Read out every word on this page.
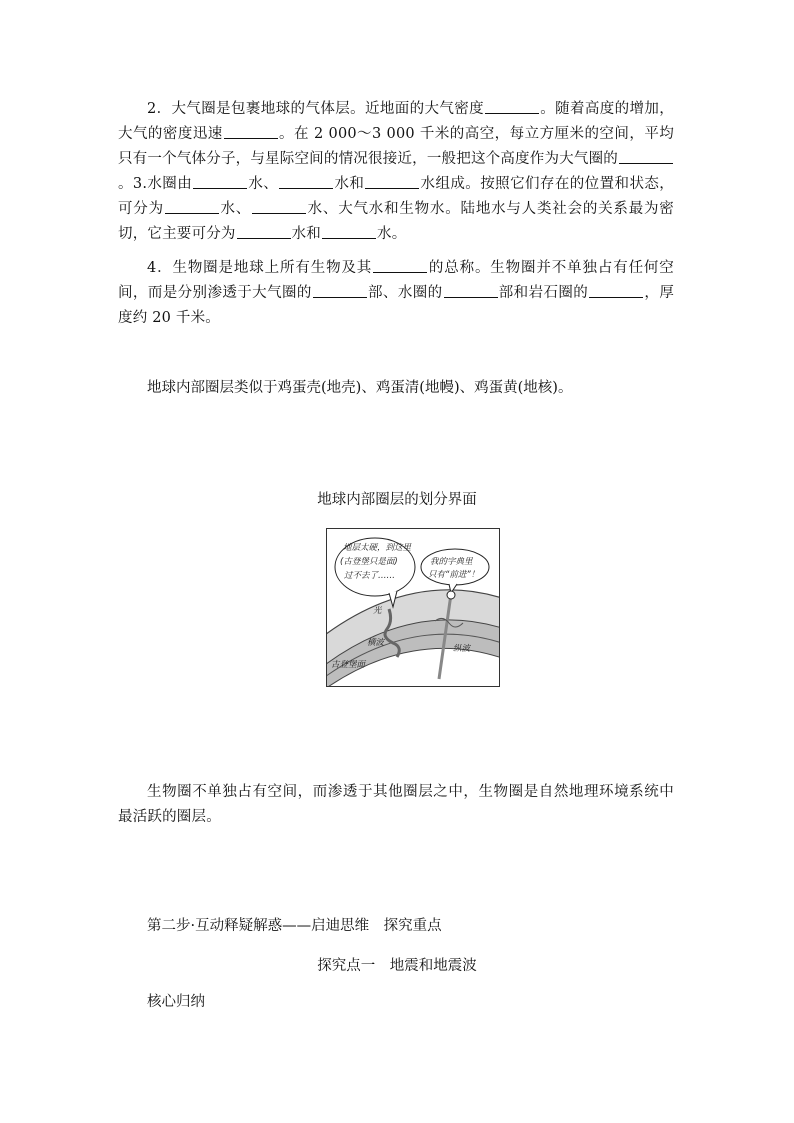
2．大气圈是包裹地球的气体层。近地面的大气密度	。随着高度的增加，大气的密度迅速	。在 2 000～3 000 千米的高空，每立方厘米的空间，平均只有一个气体分子，与星际空间的情况很接近，一般把这个高度作为大气圈的。3.水圈由	水、	水和	水组成。按照它们存在的位置和状态，可分为	水、	水、大气水和生物水。陆地水与人类社会的关系最为密切，它主要可分为	水和	水。

4．生物圈是地球上所有生物及其	的总称。生物圈并不单独占有任何空间，而是分别渗透于大气圈的	部、水圈的	部和岩石圈的	，厚度约 20 千米。

地球内部圈层类似于鸡蛋壳(地壳)、鸡蛋清(地幔)、鸡蛋黄(地核)。

地球内部圈层的划分界面

地层太硬，到这里
(古登堡只是面)
过不去了……
我的字典里
只有“前进”！
光
横波
纵波
古登堡面

生物圈不单独占有空间，而渗透于其他圈层之中，生物圈是自然地理环境系统中最活跃的圈层。

第二步·互动释疑解惑——启迪思维　探究重点

探究点一　地震和地震波

核心归纳
